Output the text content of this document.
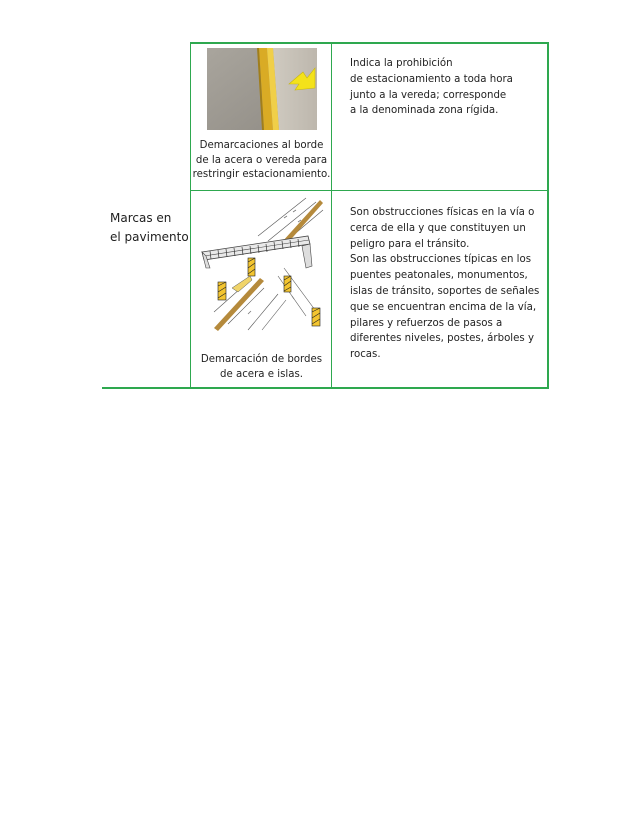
Marcas en
el pavimento
Demarcaciones al borde
de la acera o vereda para
restringir estacionamiento.
Indica la prohibición
de estacionamiento a toda hora
junto a la vereda; corresponde
a la denominada zona rígida.
Demarcación de bordes
de acera e islas.
Son obstrucciones físicas en la vía o
cerca de ella y que constituyen un
peligro para el tránsito.
Son las obstrucciones típicas en los
puentes peatonales, monumentos,
islas de tránsito, soportes de señales
que se encuentran encima de la vía,
pilares y refuerzos de pasos a
diferentes niveles, postes, árboles y
rocas.
